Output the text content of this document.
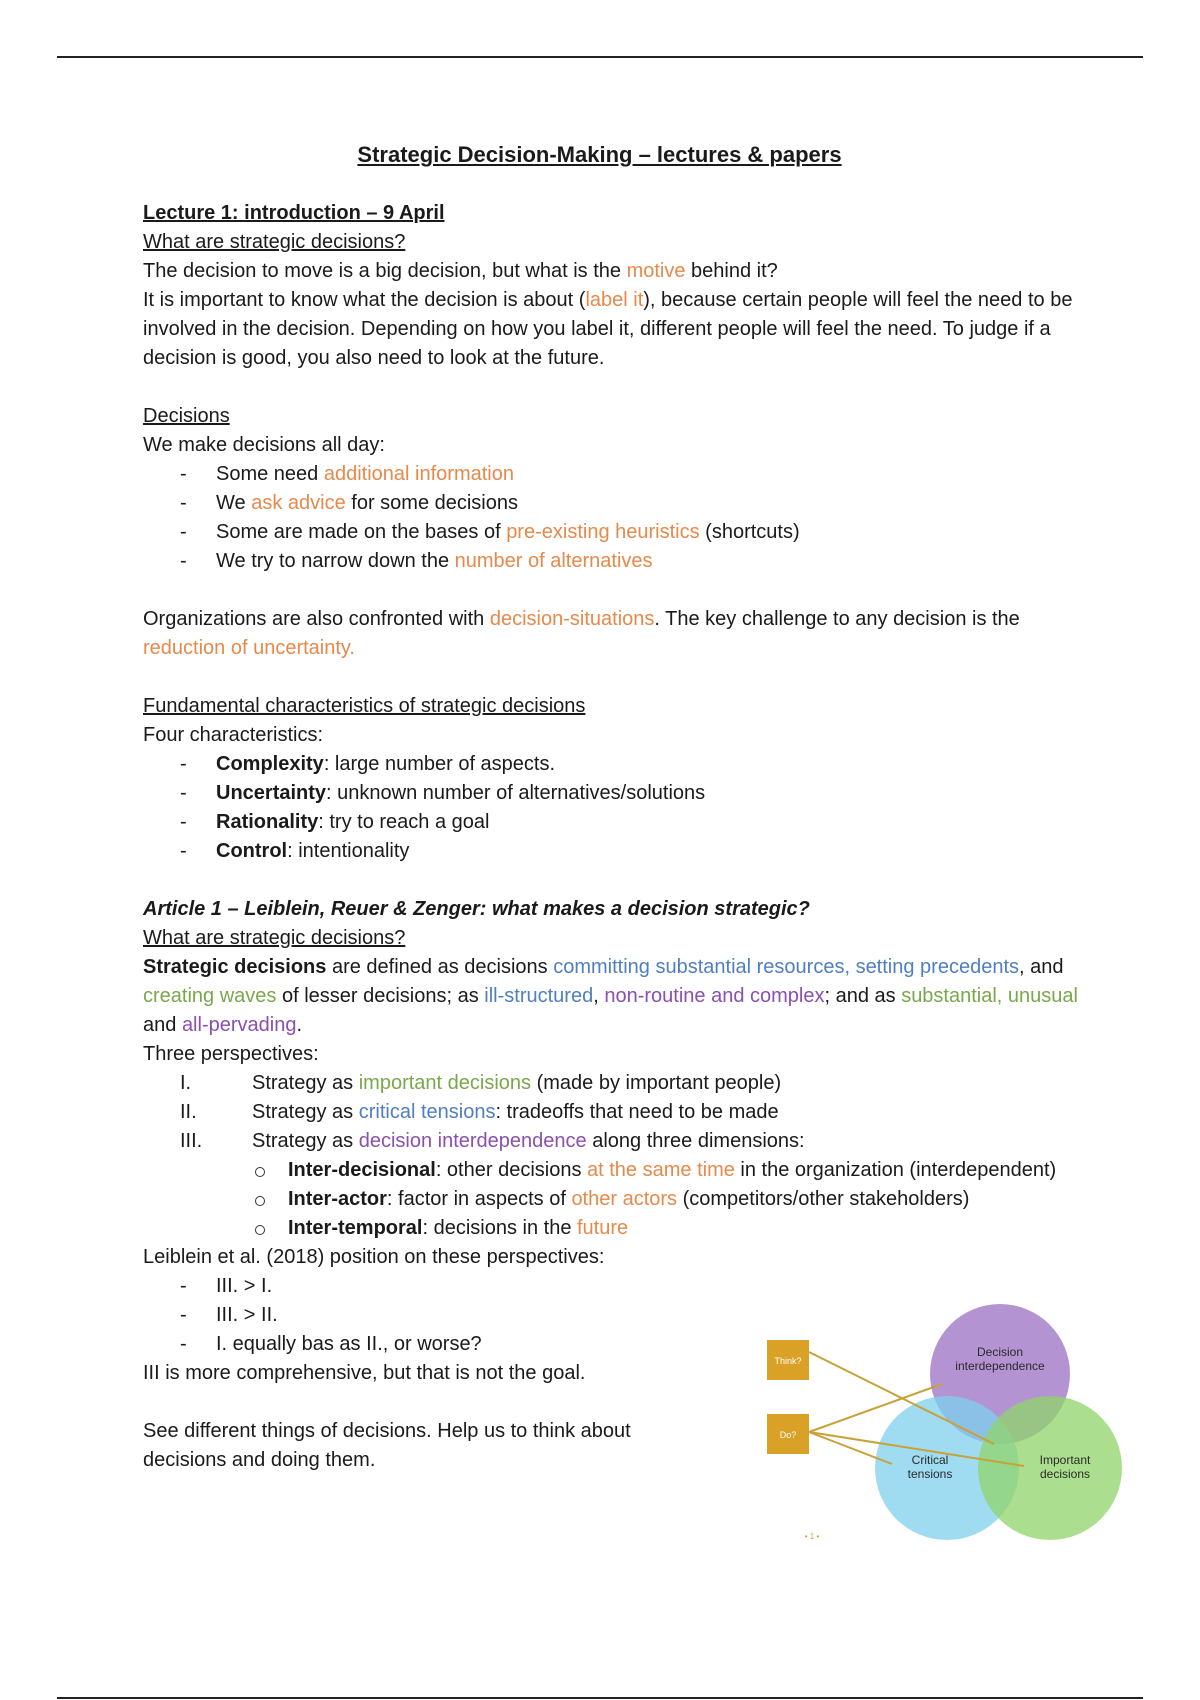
Strategic Decision-Making – lectures & papers

Lecture 1: introduction – 9 April

What are strategic decisions?

The decision to move is a big decision, but what is the motive behind it?

It is important to know what the decision is about (label it), because certain people will feel the need to be involved in the decision. Depending on how you label it, different people will feel the need. To judge if a decision is good, you also need to look at the future.

Decisions

We make decisions all day:

- Some need additional information
- We ask advice for some decisions
- Some are made on the bases of pre-existing heuristics (shortcuts)
- We try to narrow down the number of alternatives

Organizations are also confronted with decision-situations. The key challenge to any decision is the reduction of uncertainty.

Fundamental characteristics of strategic decisions

Four characteristics:

- Complexity: large number of aspects.
- Uncertainty: unknown number of alternatives/solutions
- Rationality: try to reach a goal
- Control: intentionality

Article 1 – Leiblein, Reuer & Zenger: what makes a decision strategic?

What are strategic decisions?

Strategic decisions are defined as decisions committing substantial resources, setting precedents, and creating waves of lesser decisions; as ill-structured, non-routine and complex; and as substantial, unusual and all-pervading.

Three perspectives:

I.	Strategy as important decisions (made by important people)
II.	Strategy as critical tensions: tradeoffs that need to be made
III. Strategy as decision interdependence along three dimensions:
Inter-decisional: other decisions at the same time in the organization (interdependent)
Inter-actor: factor in aspects of other actors (competitors/other stakeholders)
Inter-temporal: decisions in the future

Leiblein et al. (2018) position on these perspectives:

- III. > I.
- III. > II.
- I. equally bas as II., or worse?

III is more comprehensive, but that is not the goal.

See different things of decisions. Help us to think about decisions and doing them.

Think?
Do?
Decision
interdependence
Critical
tensions
Important
decisions
• 1 •
